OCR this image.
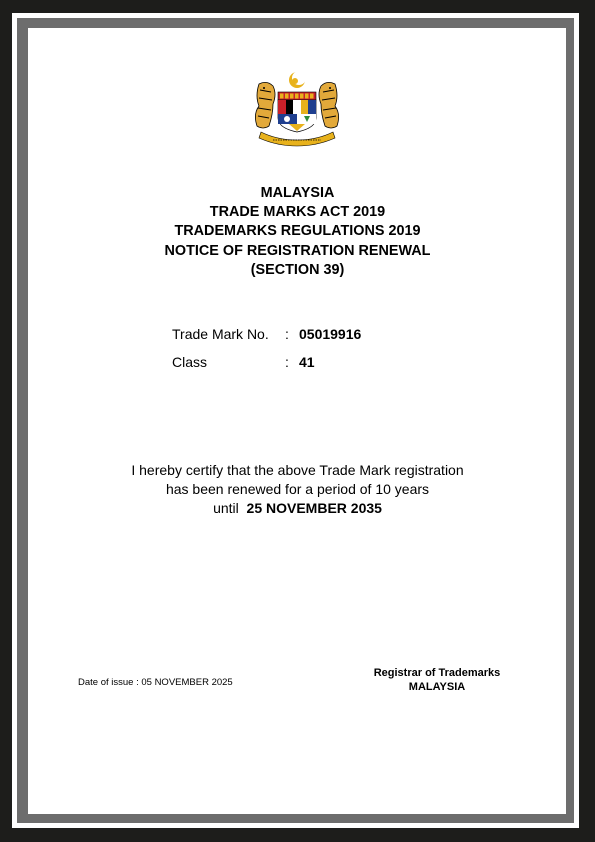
MALAYSIA
TRADE MARKS ACT 2019
TRADEMARKS REGULATIONS 2019
NOTICE OF REGISTRATION RENEWAL
(SECTION 39)
Trade Mark No. : 05019916
Class	: 41
I hereby certify that the above Trade Mark registration
has been renewed for a period of 10 years
until 25 NOVEMBER 2035
Date of issue : 05 NOVEMBER 2025
Registrar of Trademarks
MALAYSIA
